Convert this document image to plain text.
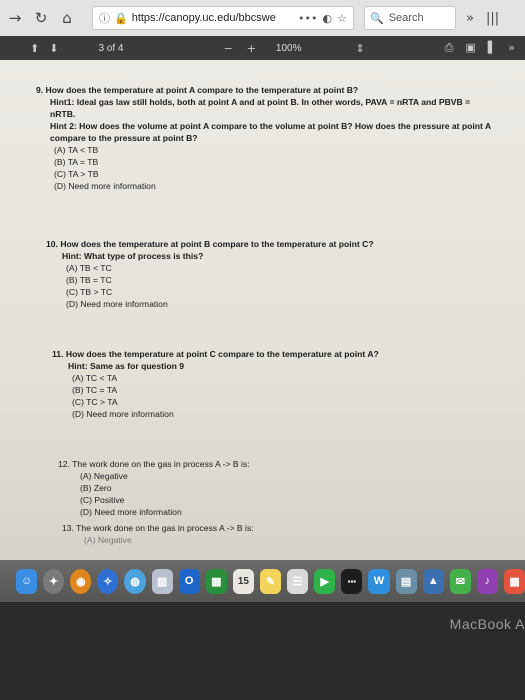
→ ↻ ⌂	ⓘ 🔒 https://canopy.uc.edu/bbcswe	••• ◐ ☆ 🔍 Search	» |||
⬆ ⬇	3 of 4	− + 100%	⇕	⎙ ▣ ▌ »
9. How does the temperature at point A compare to the temperature at point B?
Hint1: Ideal gas law still holds, both at point A and at point B. In other words, PAVA = nRTA and PBVB = nRTB.
Hint 2: How does the volume at point A compare to the volume at point B? How does the pressure at point A compare to the pressure at point B?
(A) TA < TB
(B) TA = TB
(C) TA > TB
(D) Need more information
10. How does the temperature at point B compare to the temperature at point C?
Hint: What type of process is this?
(A) TB < TC
(B) TB = TC
(C) TB > TC
(D) Need more information
11. How does the temperature at point C compare to the temperature at point A?
Hint: Same as for question 9
(A) TC < TA
(B) TC = TA
(C) TC > TA
(D) Need more information
12. The work done on the gas in process A -> B is:
(A) Negative
(B) Zero
(C) Positive
(D) Need more information
13. The work done on the gas in process A -> B is:
(A) Negative
☺	✦	◉	✧	◍	▥	O	▦	15	✎	☰	▶	▪▪▪	W	▤	▲	✉	♪	▦
MacBook A
